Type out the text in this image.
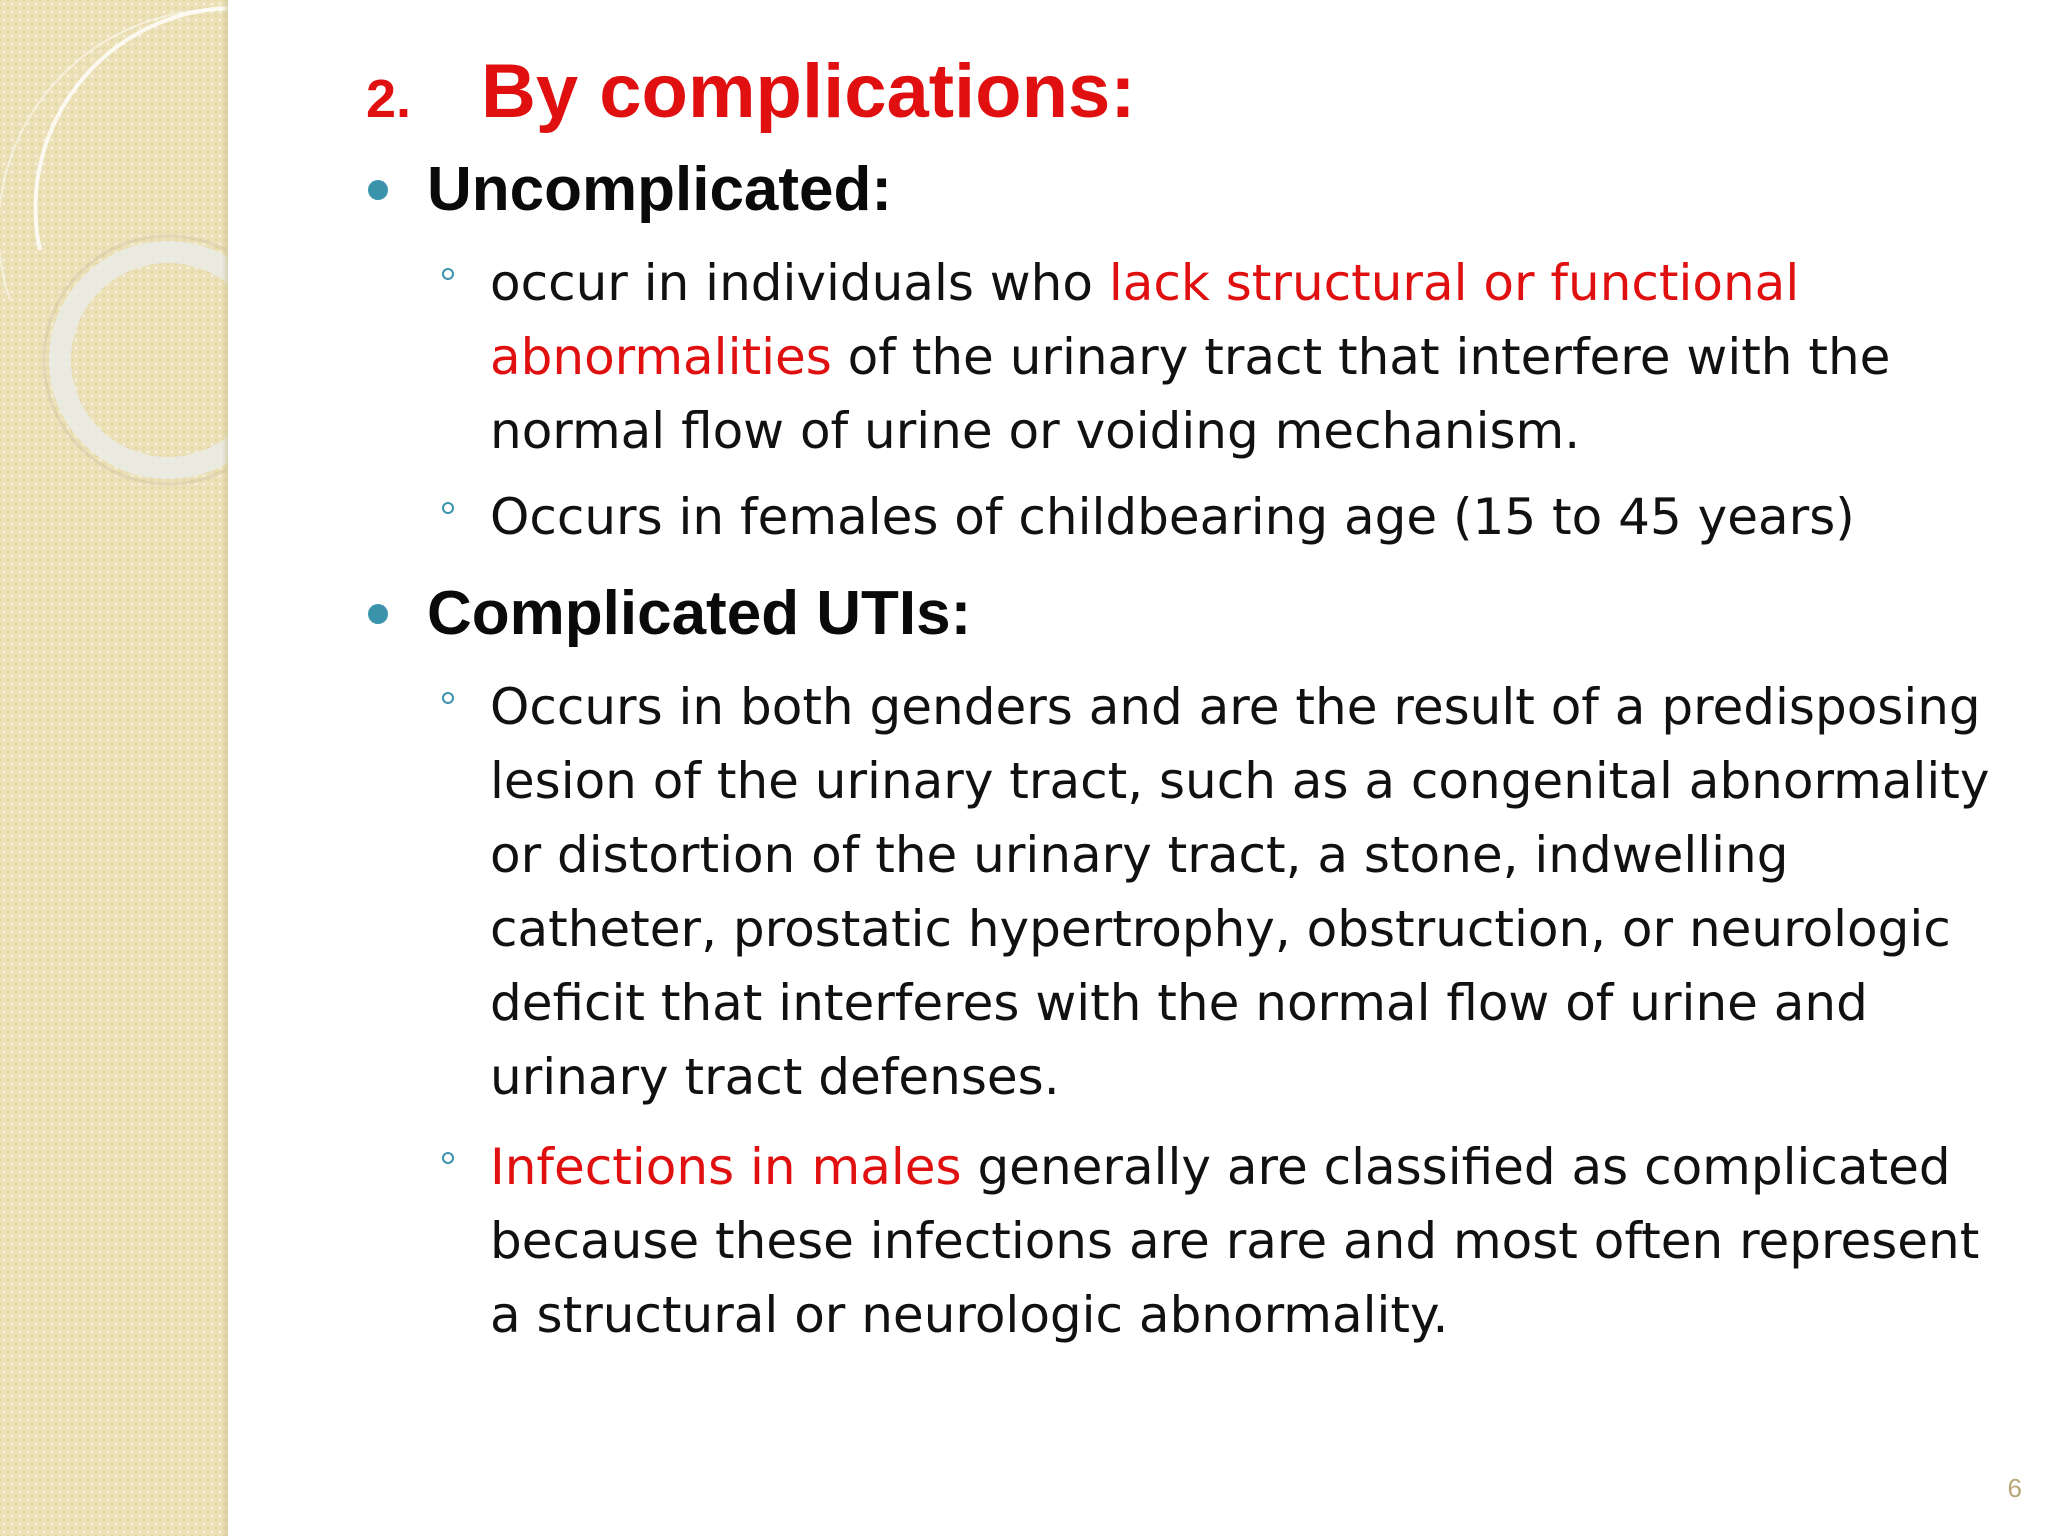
2. By complications:
Uncomplicated:
occur in individuals who lack structural or functional abnormalities of the urinary tract that interfere with the normal flow of urine or voiding mechanism.
Occurs in females of childbearing age (15 to 45 years)
Complicated UTIs:
Occurs in both genders and are the result of a predisposing lesion of the urinary tract, such as a congenital abnormality or distortion of the urinary tract, a stone, indwelling catheter, prostatic hypertrophy, obstruction, or neurologic deficit that interferes with the normal flow of urine and urinary tract defenses.
Infections in males generally are classified as complicated because these infections are rare and most often represent a structural or neurologic abnormality.
6
